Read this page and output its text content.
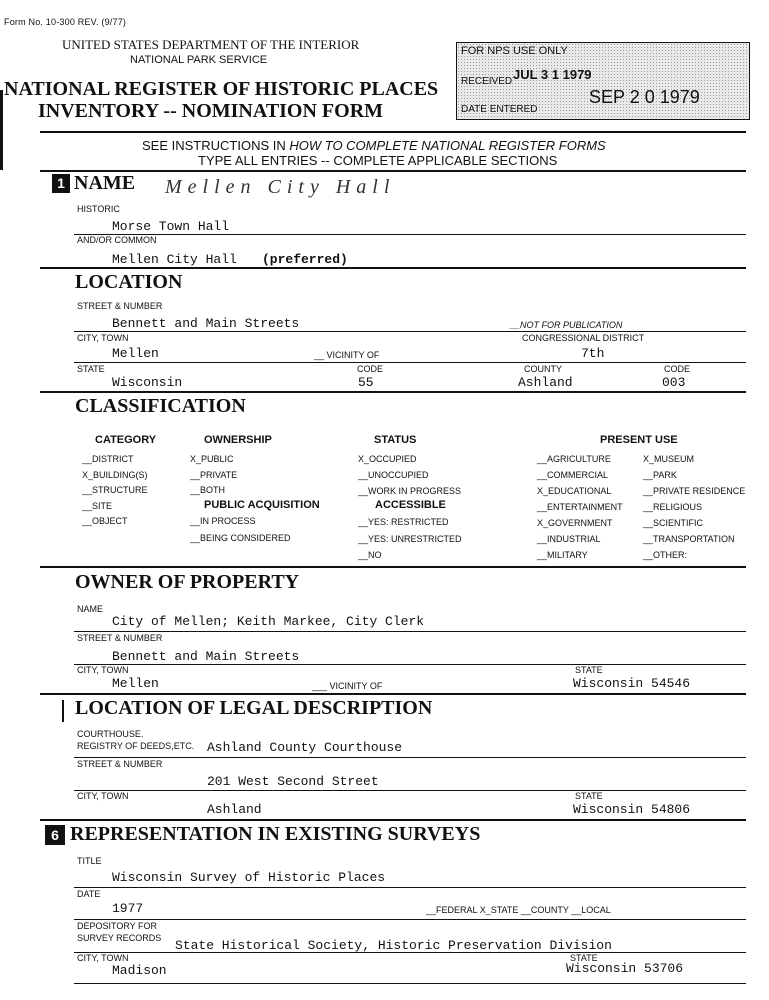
Form No. 10-300 REV. (9/77)
UNITED STATES DEPARTMENT OF THE INTERIOR
NATIONAL PARK SERVICE
NATIONAL REGISTER OF HISTORIC PLACES
INVENTORY -- NOMINATION FORM
FOR NPS USE ONLY
RECEIVED JUL 3 1 1979
DATE ENTERED
SEP 2 0 1979
SEE INSTRUCTIONS IN HOW TO COMPLETE NATIONAL REGISTER FORMS
TYPE ALL ENTRIES -- COMPLETE APPLICABLE SECTIONS
1 NAME Mellen City Hall
HISTORIC
Morse Town Hall
AND/OR COMMON
Mellen City Hall (preferred)
LOCATION
STREET & NUMBER
Bennett and Main Streets	__NOT FOR PUBLICATION
CITY, TOWN	CONGRESSIONAL DISTRICT
Mellen	__ VICINITY OF	7th
STATE	CODE	COUNTY	CODE
Wisconsin	55	Ashland	003
CLASSIFICATION
CATEGORY
__DISTRICT
X_BUILDING(S)
__STRUCTURE
__SITE
__OBJECT
OWNERSHIP
X_PUBLIC
__PRIVATE
__BOTH
PUBLIC ACQUISITION
__IN PROCESS
__BEING CONSIDERED
STATUS
X_OCCUPIED
__UNOCCUPIED
__WORK IN PROGRESS
ACCESSIBLE
__YES: RESTRICTED
__YES: UNRESTRICTED
__NO
PRESENT USE
__AGRICULTURE
__COMMERCIAL
X_EDUCATIONAL
__ENTERTAINMENT
X_GOVERNMENT
__INDUSTRIAL
__MILITARY
X_MUSEUM
__PARK
__PRIVATE RESIDENCE
__RELIGIOUS
__SCIENTIFIC
__TRANSPORTATION
__OTHER:
OWNER OF PROPERTY
NAME
City of Mellen; Keith Markee, City Clerk
STREET & NUMBER
Bennett and Main Streets
CITY, TOWN	STATE
Mellen	___ VICINITY OF	Wisconsin 54546
LOCATION OF LEGAL DESCRIPTION
COURTHOUSE.
REGISTRY OF DEEDS,ETC. Ashland County Courthouse
STREET & NUMBER
201 West Second Street
CITY, TOWN	STATE
Ashland	Wisconsin 54806
6 REPRESENTATION IN EXISTING SURVEYS
TITLE
Wisconsin Survey of Historic Places
DATE
1977	__FEDERAL X_STATE __COUNTY __LOCAL
DEPOSITORY FOR
SURVEY RECORDS State Historical Society, Historic Preservation Division
CITY, TOWN	STATE
Madison	Wisconsin 53706
